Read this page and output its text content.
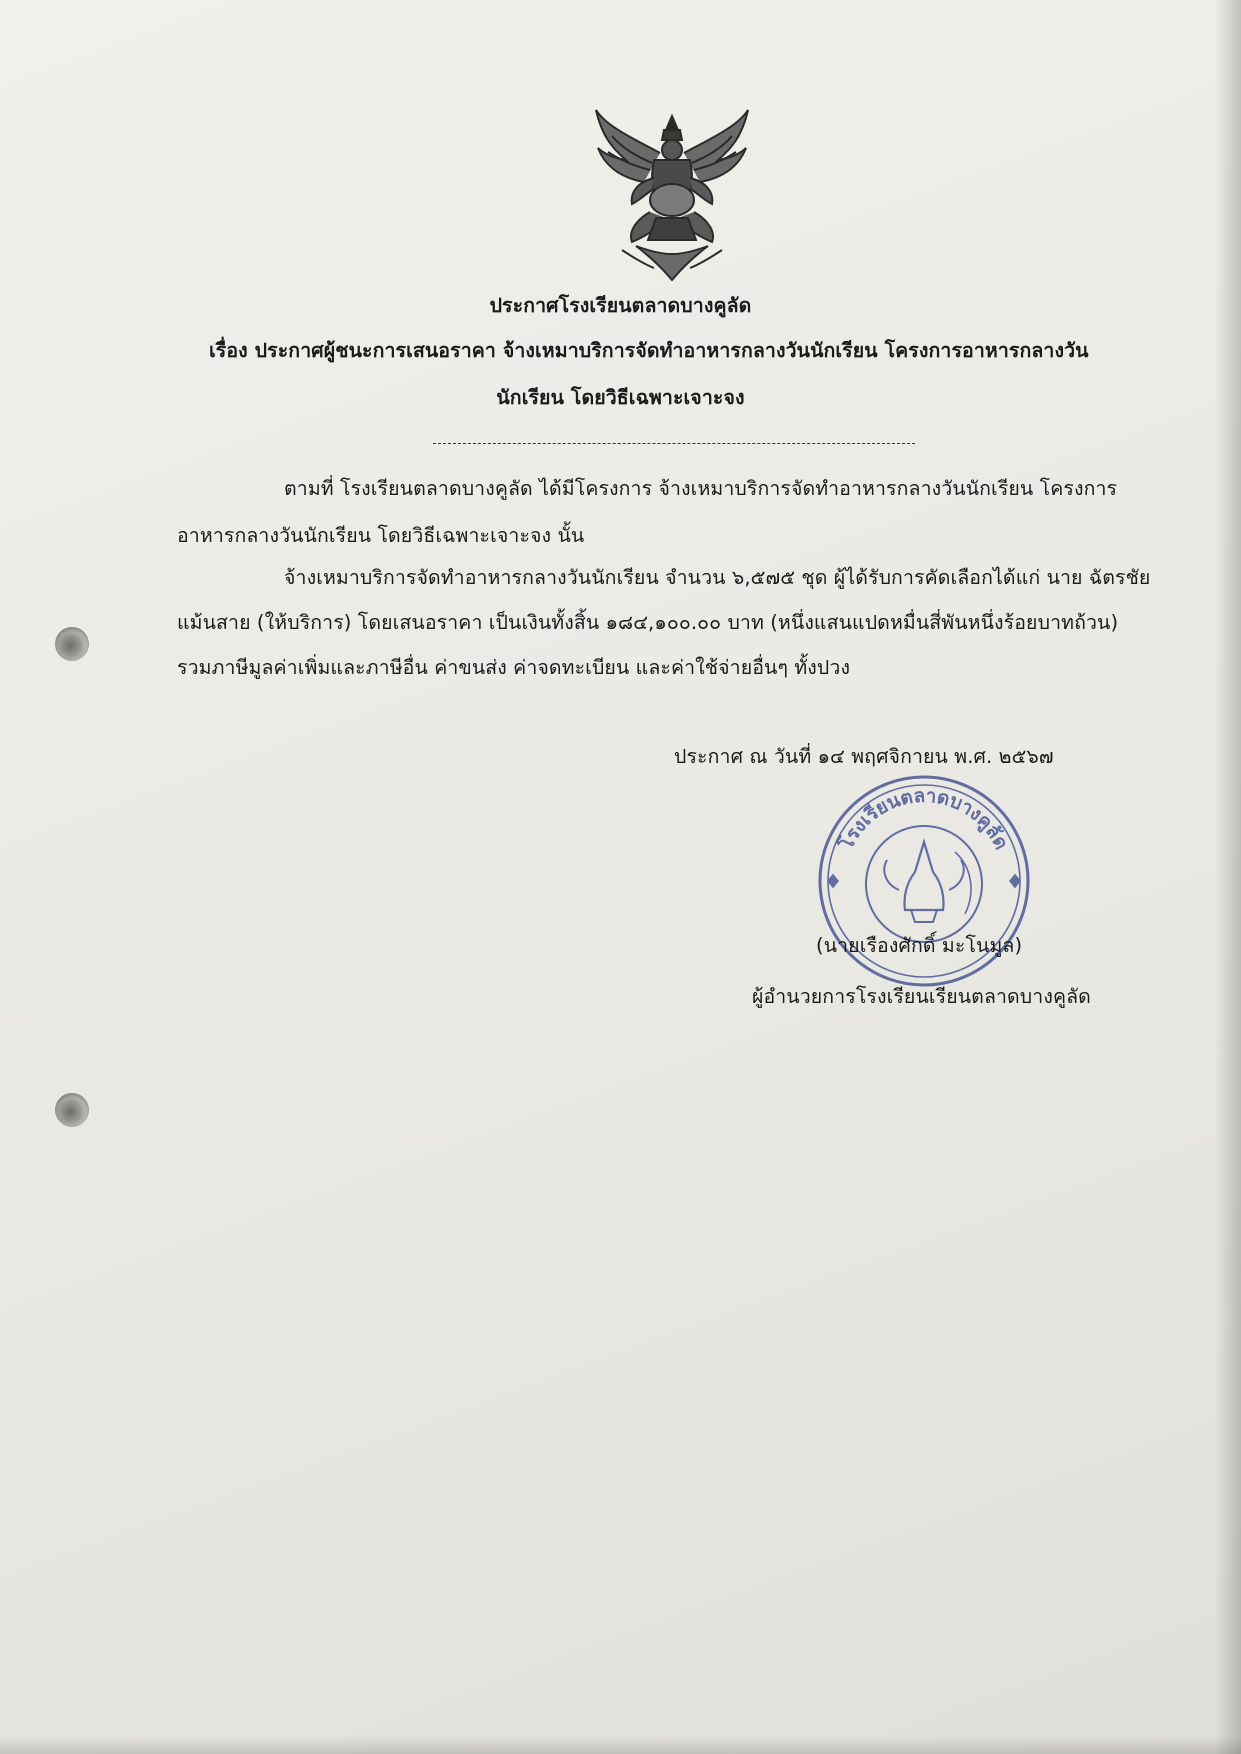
ประกาศโรงเรียนตลาดบางคูลัด
เรื่อง ประกาศผู้ชนะการเสนอราคา จ้างเหมาบริการจัดทำอาหารกลางวันนักเรียน โครงการอาหารกลางวัน
นักเรียน โดยวิธีเฉพาะเจาะจง
ตามที่ โรงเรียนตลาดบางคูลัด ได้มีโครงการ จ้างเหมาบริการจัดทำอาหารกลางวันนักเรียน โครงการ
อาหารกลางวันนักเรียน โดยวิธีเฉพาะเจาะจง นั้น
จ้างเหมาบริการจัดทำอาหารกลางวันนักเรียน จำนวน ๖,๕๗๕ ชุด ผู้ได้รับการคัดเลือกได้แก่ นาย ฉัตรชัย
แม้นสาย (ให้บริการ) โดยเสนอราคา เป็นเงินทั้งสิ้น ๑๘๔,๑๐๐.๐๐ บาท (หนึ่งแสนแปดหมื่นสี่พันหนึ่งร้อยบาทถ้วน)
รวมภาษีมูลค่าเพิ่มและภาษีอื่น ค่าขนส่ง ค่าจดทะเบียน และค่าใช้จ่ายอื่นๆ ทั้งปวง
ประกาศ ณ วันที่ ๑๔ พฤศจิกายน พ.ศ. ๒๕๖๗
โรงเรียนตลาดบางคูลัด
(นายเรืองศักดิ์ มะโนมูล)
ผู้อำนวยการโรงเรียนเรียนตลาดบางคูลัด
